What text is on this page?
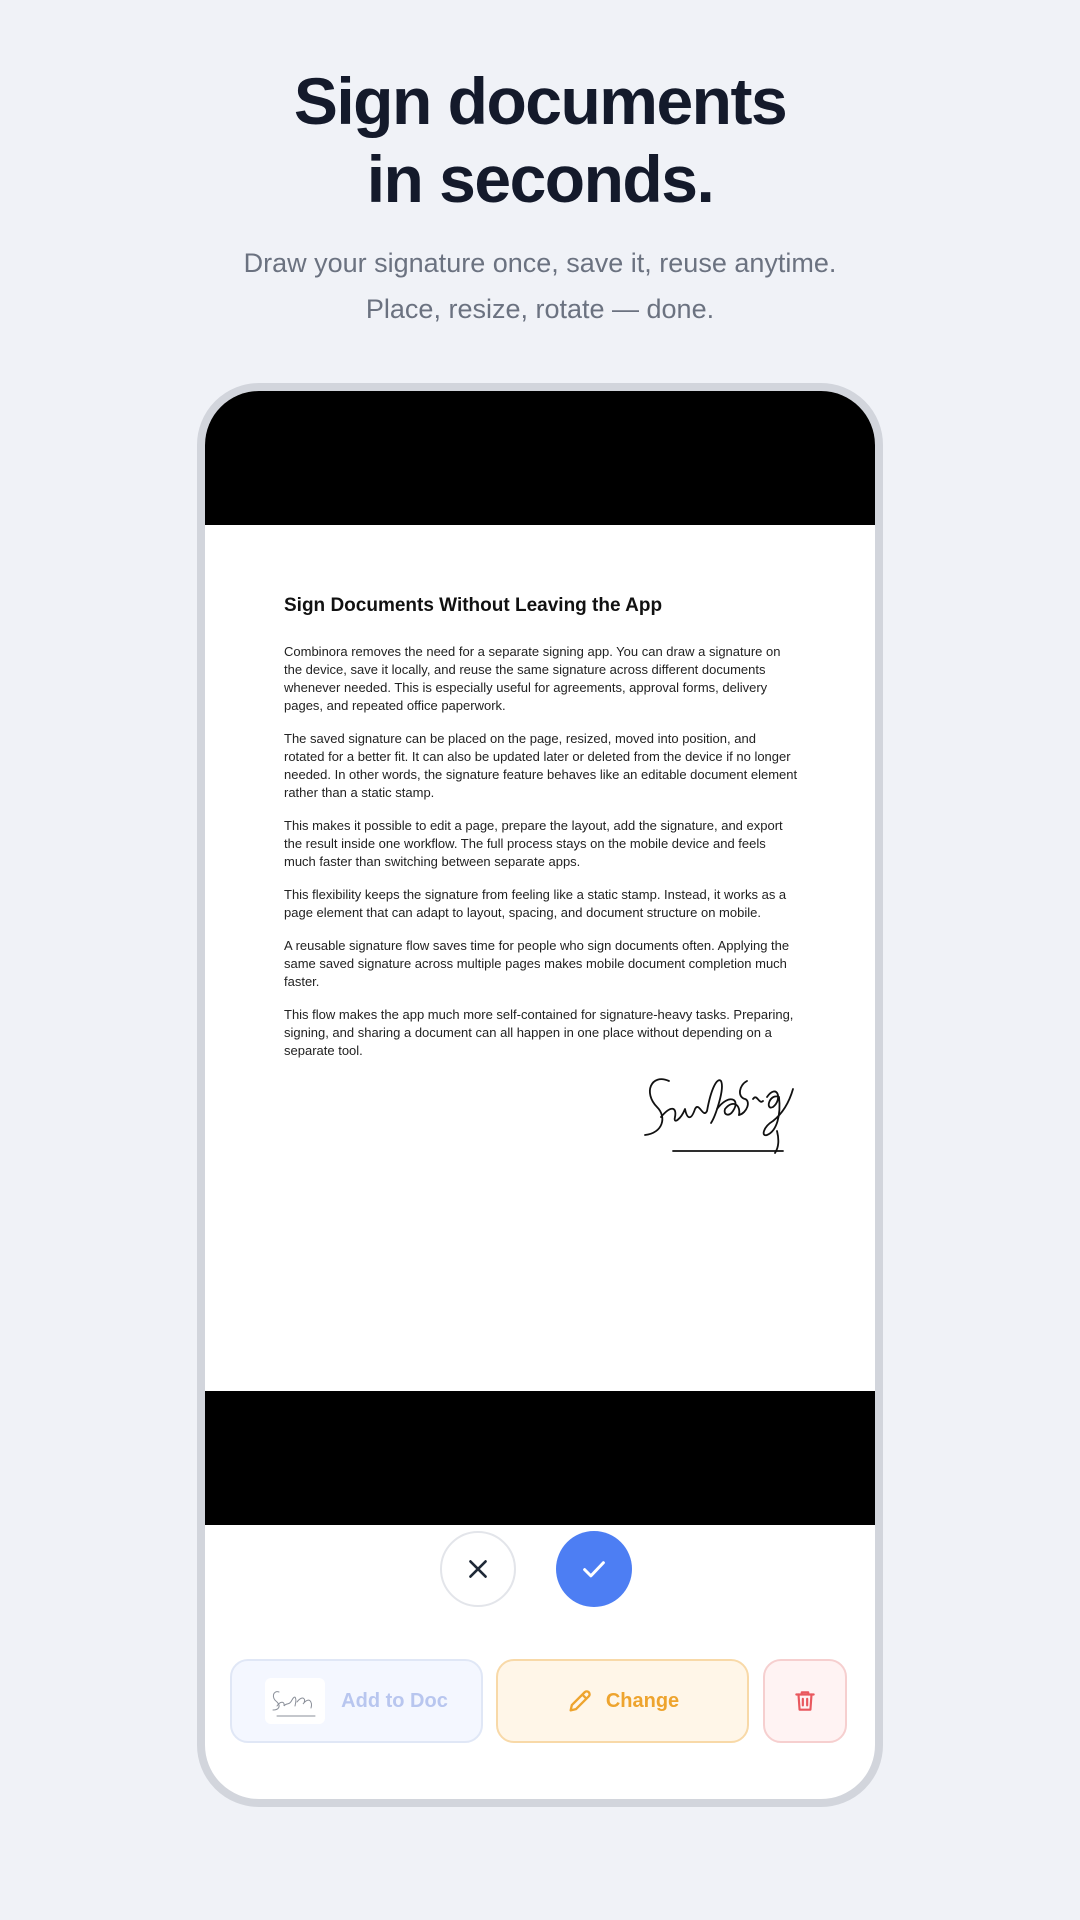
Sign documents
in seconds.

Draw your signature once, save it, reuse anytime.
Place, resize, rotate — done.

Sign Documents Without Leaving the App

Combinora removes the need for a separate signing app. You can draw a signature on the device, save it locally, and reuse the same signature across different documents whenever needed. This is especially useful for agreements, approval forms, delivery pages, and repeated office paperwork.

The saved signature can be placed on the page, resized, moved into position, and rotated for a better fit. It can also be updated later or deleted from the device if no longer needed. In other words, the signature feature behaves like an editable document element rather than a static stamp.

This makes it possible to edit a page, prepare the layout, add the signature, and export the result inside one workflow. The full process stays on the mobile device and feels much faster than switching between separate apps.

This flexibility keeps the signature from feeling like a static stamp. Instead, it works as a page element that can adapt to layout, spacing, and document structure on mobile.

A reusable signature flow saves time for people who sign documents often. Applying the same saved signature across multiple pages makes mobile document completion much faster.

This flow makes the app much more self-contained for signature-heavy tasks. Preparing, signing, and sharing a document can all happen in one place without depending on a separate tool.

Add to Doc	Change
